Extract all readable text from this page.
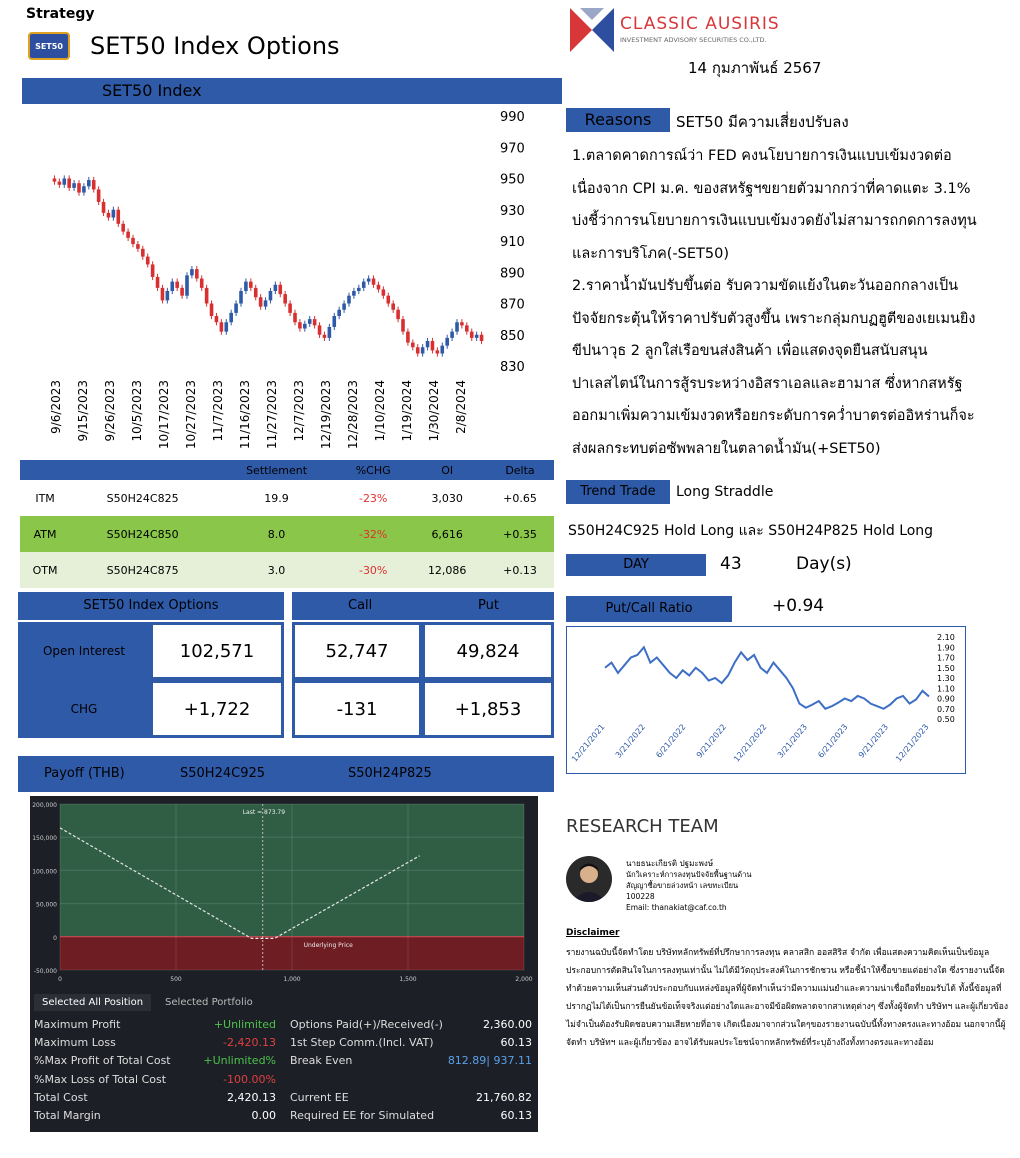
Strategy
SET50 SET50 Index Options
CLASSIC AUSIRIS
INVESTMENT ADVISORY SECURITIES CO.,LTD.
14 กุมภาพันธ์ 2567
SET50 Index
990
970
950
930
910
890
870
850
830
9/6/2023 9/15/2023 9/26/2023 10/5/2023 10/17/2023 10/27/2023 11/7/2023 11/16/2023 11/27/2023 12/7/2023 12/19/2023 12/28/2023 1/10/2024 1/19/2024 1/30/2024 2/8/2024
Reasons	SET50 มีความเสี่ยงปรับลง
1.ตลาดคาดการณ์ว่า FED คงนโยบายการเงินแบบเข้มงวดต่อ
เนื่องจาก CPI ม.ค. ของสหรัฐฯขยายตัวมากกว่าที่คาดแตะ 3.1%
บ่งชี้ว่าการนโยบายการเงินแบบเข้มงวดยังไม่สามารถกดการลงทุน
และการบริโภค(-SET50)
2.ราคาน้ำมันปรับขึ้นต่อ รับความขัดแย้งในตะวันออกกลางเป็น
ปัจจัยกระตุ้นให้ราคาปรับตัวสูงขึ้น เพราะกลุ่มกบฏฮูตีของเยเมนยิง
ขีปนาวุธ 2 ลูกใส่เรือขนส่งสินค้า เพื่อแสดงจุดยืนสนับสนุน
ปาเลสไตน์ในการสู้รบระหว่างอิสราเอลและฮามาส ซึ่งหากสหรัฐ
ออกมาเพิ่มความเข้มงวดหรือยกระดับการคว่ำบาตรต่ออิหร่านก็จะ
ส่งผลกระทบต่อซัพพลายในตลาดน้ำมัน(+SET50)
		Settlement	%CHG	OI	Delta
ITM	S50H24C825	19.9	-23%	3,030	+0.65
ATM	S50H24C850	8.0	-32%	6,616	+0.35
OTM	S50H24C875	3.0	-30%	12,086	+0.13
Trend Trade	Long Straddle
S50H24C925 Hold Long และ S50H24P825 Hold Long
DAY	43	Day(s)
Put/Call Ratio	+0.94
2.10
1.90
1.70
1.50
1.30
1.10
0.90
0.70
0.50
12/21/2021 3/21/2022 6/21/2022 9/21/2022 12/21/2022 3/21/2023 6/21/2023 9/21/2023 12/21/2023
SET50 Index Options	Call	Put
Open Interest	102,571	52,747	49,824
CHG	+1,722	-131	+1,853
Payoff (THB)	S50H24C925	S50H24P825
200,000
150,000
100,000
50,000
0
-50,000
0	500	1,000	1,500	2,000
Last = 873.79
Underlying Price
Selected All Position Selected Portfolio
Maximum Profit	+Unlimited Options Paid(+)/Received(-)	2,360.00
Maximum Loss	-2,420.13 1st Step Comm.(Incl. VAT)	60.13
%Max Profit of Total Cost	+Unlimited% Break Even	812.89| 937.11
%Max Loss of Total Cost	-100.00%
Total Cost	2,420.13 Current EE	21,760.82
Total Margin	0.00 Required EE for Simulated	60.13
RESEARCH TEAM
นายธนะเกียรติ ปฐมะพงษ์
นักวิเคราะห์การลงทุนปัจจัยพื้นฐานด้าน
สัญญาซื้อขายล่วงหน้า เลขทะเบียน
100228
Email: thanakiat@caf.co.th
Disclaimer
รายงานฉบับนี้จัดทำโดย บริษัทหลักทรัพย์ที่ปรึกษาการลงทุน คลาสสิก ออสสิริส จำกัด เพื่อแสดงความคิดเห็นเป็นข้อมูลประกอบการตัดสินใจในการลงทุนเท่านั้น ไม่ได้มีวัตถุประสงค์ในการชักชวน หรือชี้นำให้ซื้อขายแต่อย่างใด ซึ่งรายงานนี้จัดทำด้วยความเห็นส่วนตัวประกอบกับแหล่งข้อมูลที่ผู้จัดทำเห็นว่ามีความแม่นยำและความน่าเชื่อถือที่ยอมรับได้ ทั้งนี้ข้อมูลที่ปรากฏไม่ได้เป็นการยืนยันข้อเท็จจริงแต่อย่างใดและอาจมีข้อผิดพลาดจากสาเหตุต่างๆ ซึ่งทั้งผู้จัดทำ บริษัทฯ และผู้เกี่ยวข้องไม่จำเป็นต้องรับผิดชอบความเสียหายที่อาจ เกิดเนื่องมาจากส่วนใดๆของรายงานฉบับนี้ทั้งทางตรงและทางอ้อม นอกจากนี้ผู้จัดทำ บริษัทฯ และผู้เกี่ยวข้อง อาจได้รับผลประโยชน์จากหลักทรัพย์ที่ระบุอ้างถึงทั้งทางตรงและทางอ้อม
